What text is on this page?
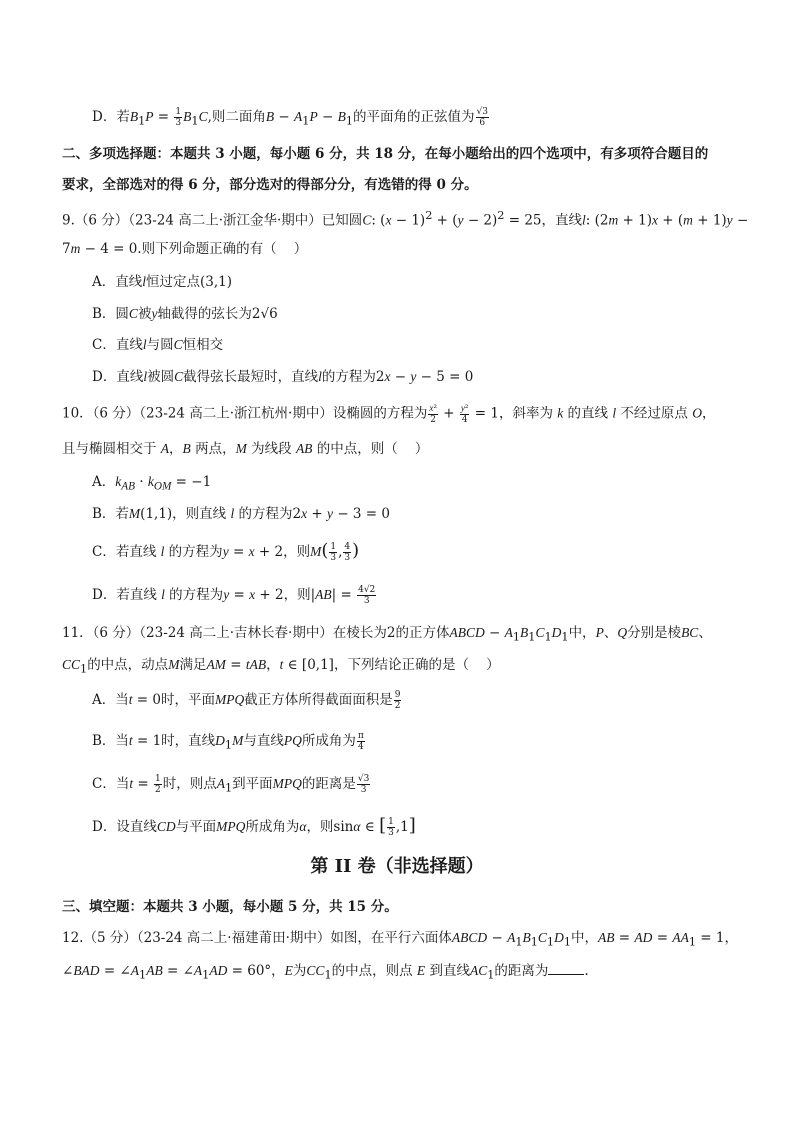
D．若$B_1P = \frac{1}{3} B_1C$,则二面角$B - A_1P - B_1$的平面角的正弦值为 $\frac{√3}{6}$
二、多项选择题：本题共 3 小题，每小题 6 分，共 18 分，在每小题给出的四个选项中，有多项符合题目的
要求，全部选对的得 6 分，部分选对的得部分分，有选错的得 0 分。
9.（6 分）（23-24 高二上·浙江金华·期中）已知圆C: $(x - 1)^2 + (y - 2)^2 = 25$，直线l: (2m + 1)x + (m + 1)y −
7m − 4 = 0.则下列命题正确的有（    ）
A．直线l恒过定点(3,1)
B．圆C被y轴截得的弦长为2√6
C．直线l与圆C恒相交
D．直线l被圆C截得弦长最短时，直线l的方程为2x − y − 5 = 0
10．（6 分）（23-24 高二上·浙江杭州·期中）设椭圆的方程为 $\frac{\text{x²}}{2} + \frac{\text{y²}}{4} = 1$，斜率为 k 的直线 l 不经过原点 O，
且与椭圆相交于 A，B 两点，M 为线段 AB 的中点，则（    ）
A．$k_{AB} \cdot k_{OM} = -1$
B．若M(1,1)，则直线 l 的方程为2x + y − 3 = 0
C．若直线 l 的方程为y = x + 2，则$M( \frac{1}{3}$ , $\frac{4}{3}$ )
D．若直线 l 的方程为y = x + 2，则$|AB| = \frac{4√2}{3}$
11．（6 分）（23-24 高二上·吉林长春·期中）在棱长为2的正方体ABCD − $A_1B_1C_1D_1$中，P、Q分别是棱BC、
$CC_1$的中点，动点M满足AM = tAB，t ∈ [0,1]，下列结论正确的是（    ）
A．当t = 0时，平面MPQ截正方体所得截面面积是 $\frac{9}{2}$
B．当t = 1时，直线$D_1M$与直线PQ所成角为 $\frac{\pi}{4}$
C．当$t = \frac{1}{2}$ 时，则点$A_1$到平面MPQ的距离是 $\frac{√3}{3}$
D．设直线CD与平面MPQ所成角为α，则sinα ∈ [ $\frac{1}{3} ,1$]
第 II 卷（非选择题）
三、填空题：本题共 3 小题，每小题 5 分，共 15 分。
12.（5 分）（23-24 高二上·福建莆田·期中）如图，在平行六面体ABCD − $A_1B_1C_1D_1$中，AB = AD = $AA_1 = 1$，
∠BAD = $\angle A_1AB$ = $\angle A_1AD = 60^\circ$，E为$CC_1$的中点，则点 E 到直线$AC_1$的距离为	.
